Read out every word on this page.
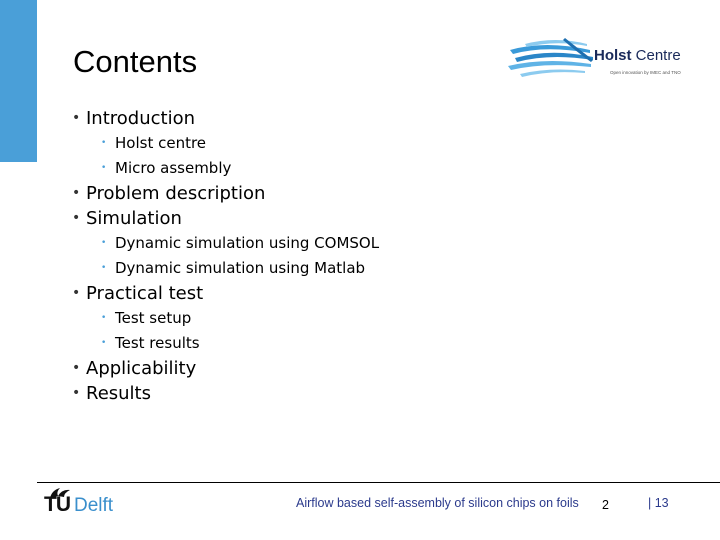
Contents	Holst Centre
Open innovation by IMEC and TNO
• Introduction
• Holst centre
• Micro assembly
• Problem description
• Simulation
• Dynamic simulation using COMSOL
• Dynamic simulation using Matlab
• Practical test
• Test setup
• Test results
• Applicability
• Results
TU Delft	Airflow based self-assembly of silicon chips on foils 2	| 13
